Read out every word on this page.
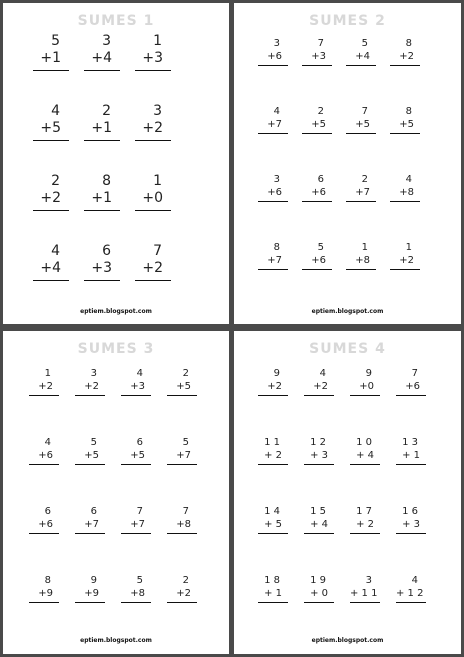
SUMES 1
eptiem.blogspot.com
5
+1
3
+4
1
+3
4
+5
2
+1
3
+2
2
+2
8
+1
1
+0
4
+4
6
+3
7
+2
SUMES 2
eptiem.blogspot.com
3
+6
7
+3
5
+4
8
+2
4
+7
2
+5
7
+5
8
+5
3
+6
6
+6
2
+7
4
+8
8
+7
5
+6
1
+8
1
+2
SUMES 3
eptiem.blogspot.com
1
+2
3
+2
4
+3
2
+5
4
+6
5
+5
6
+5
5
+7
6
+6
6
+7
7
+7
7
+8
8
+9
9
+9
5
+8
2
+2
SUMES 4
eptiem.blogspot.com
9
+2
4
+2
9
+0
7
+6
1 1
+ 2
1 2
+ 3
1 0
+ 4
1 3
+ 1
1 4
+ 5
1 5
+ 4
1 7
+ 2
1 6
+ 3
1 8
+ 1
1 9
+ 0
3
+ 1 1
4
+ 1 2
